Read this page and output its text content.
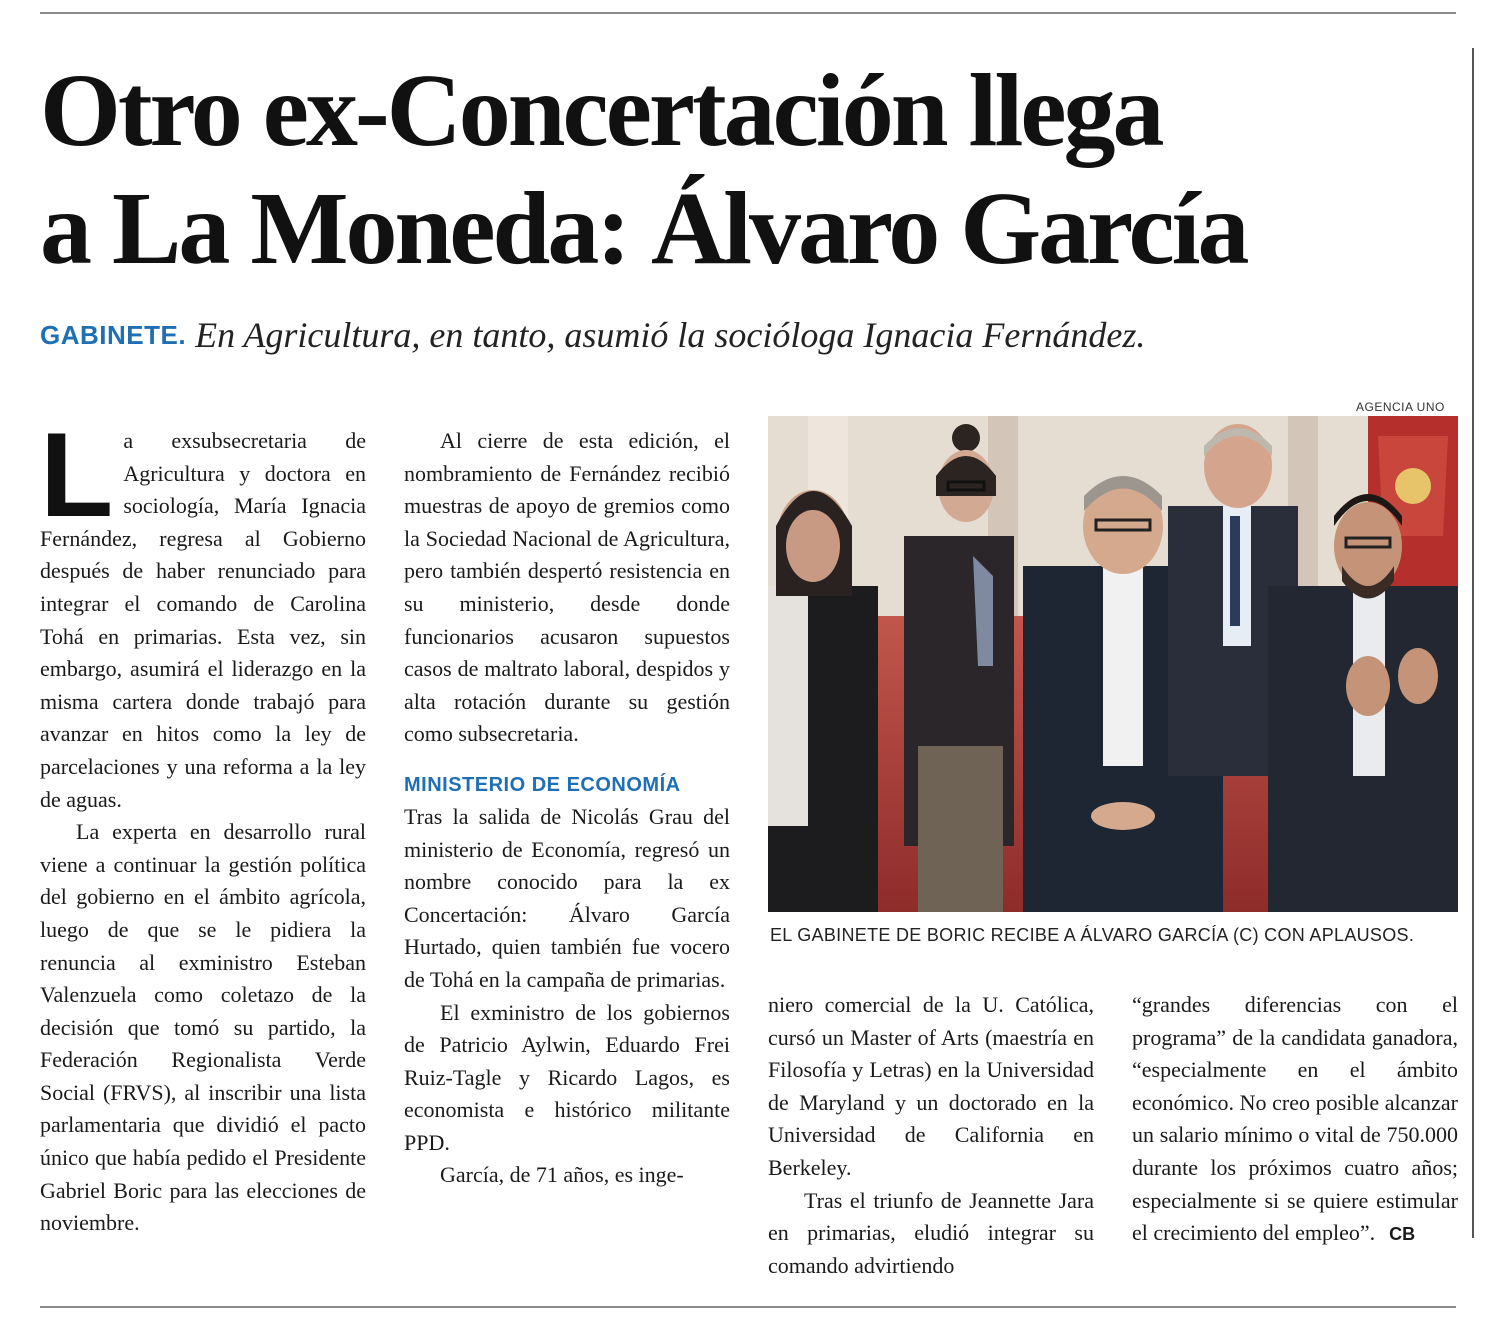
Otro ex-Concertación llega
a La Moneda: Álvaro García
GABINETE. En Agricultura, en tanto, asumió la socióloga Ignacia Fernández.
L a exsubsecretaria de Agricultura y doctora en sociología, María Ignacia Fernández, regresa al Gobierno después de haber renunciado para integrar el comando de Carolina Tohá en primarias. Esta vez, sin embargo, asumirá el liderazgo en la misma cartera donde trabajó para avanzar en hitos como la ley de parcelaciones y una reforma a la ley de aguas.

La experta en desarrollo rural viene a continuar la gestión política del gobierno en el ámbito agrícola, luego de que se le pidiera la renuncia al exministro Esteban Valenzuela como coletazo de la decisión que tomó su partido, la Federación Regionalista Verde Social (FRVS), al inscribir una lista parlamentaria que dividió el pacto único que había pedido el Presidente Gabriel Boric para las elecciones de noviembre.

Al cierre de esta edición, el nombramiento de Fernández recibió muestras de apoyo de gremios como la Sociedad Nacional de Agricultura, pero también despertó resistencia en su ministerio, desde donde funcionarios acusaron supuestos casos de maltrato laboral, despidos y alta rotación durante su gestión como subsecretaria.

MINISTERIO DE ECONOMÍA

Tras la salida de Nicolás Grau del ministerio de Economía, regresó un nombre conocido para la ex Concertación: Álvaro García Hurtado, quien también fue vocero de Tohá en la campaña de primarias.

El exministro de los gobiernos de Patricio Aylwin, Eduardo Frei Ruiz-Tagle y Ricardo Lagos, es economista e histórico militante PPD.

García, de 71 años, es inge-

AGENCIA UNO
EL GABINETE DE BORIC RECIBE A ÁLVARO GARCÍA (C) CON APLAUSOS.

niero comercial de la U. Católica, cursó un Master of Arts (maestría en Filosofía y Letras) en la Universidad de Maryland y un doctorado en la Universidad de California en Berkeley.

Tras el triunfo de Jeannette Jara en primarias, eludió integrar su comando advirtiendo

“grandes diferencias con el programa” de la candidata ganadora, “especialmente en el ámbito económico. No creo posible alcanzar un salario mínimo o vital de 750.000 durante los próximos cuatro años; especialmente si se quiere estimular el crecimiento del empleo”. CB
